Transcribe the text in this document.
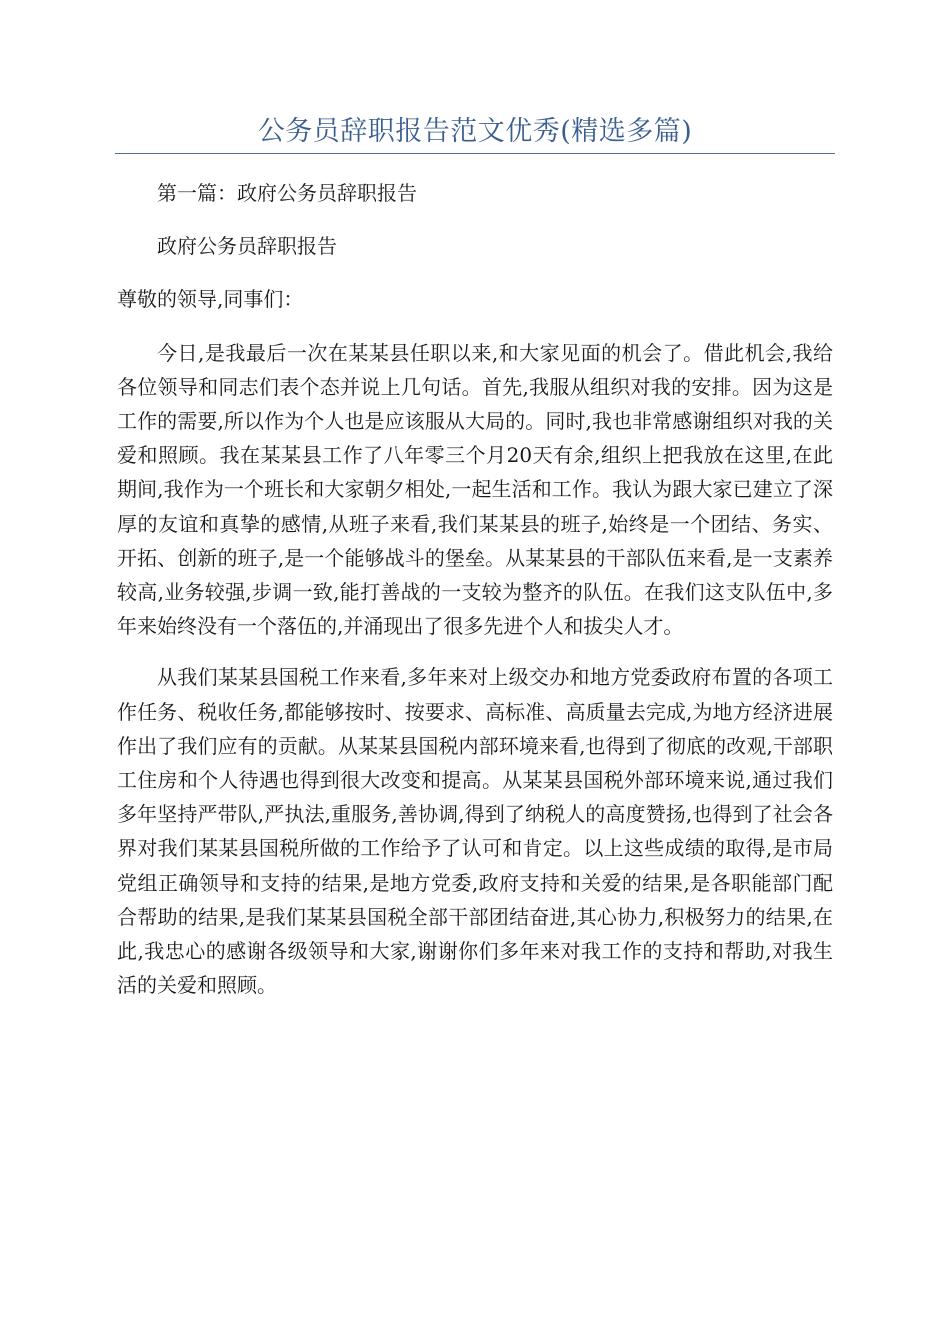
公务员辞职报告范文优秀(精选多篇)

第一篇：政府公务员辞职报告

政府公务员辞职报告

尊敬的领导,同事们：

今日,是我最后一次在某某县任职以来,和大家见面的机会了。借此机会,我给各位领导和同志们表个态并说上几句话。首先,我服从组织对我的安排。因为这是工作的需要,所以作为个人也是应该服从大局的。同时,我也非常感谢组织对我的关爱和照顾。我在某某县工作了八年零三个月20天有余,组织上把我放在这里,在此期间,我作为一个班长和大家朝夕相处,一起生活和工作。我认为跟大家已建立了深厚的友谊和真挚的感情,从班子来看,我们某某县的班子,始终是一个团结、务实、开拓、创新的班子,是一个能够战斗的堡垒。从某某县的干部队伍来看,是一支素养较高,业务较强,步调一致,能打善战的一支较为整齐的队伍。在我们这支队伍中,多年来始终没有一个落伍的,并涌现出了很多先进个人和拔尖人才。

从我们某某县国税工作来看,多年来对上级交办和地方党委政府布置的各项工作任务、税收任务,都能够按时、按要求、高标准、高质量去完成,为地方经济进展作出了我们应有的贡献。从某某县国税内部环境来看,也得到了彻底的改观,干部职工住房和个人待遇也得到很大改变和提高。从某某县国税外部环境来说,通过我们多年坚持严带队,严执法,重服务,善协调,得到了纳税人的高度赞扬,也得到了社会各界对我们某某县国税所做的工作给予了认可和肯定。以上这些成绩的取得,是市局党组正确领导和支持的结果,是地方党委,政府支持和关爱的结果,是各职能部门配合帮助的结果,是我们某某县国税全部干部团结奋进,其心协力,积极努力的结果,在此,我忠心的感谢各级领导和大家,谢谢你们多年来对我工作的支持和帮助,对我生活的关爱和照顾。
